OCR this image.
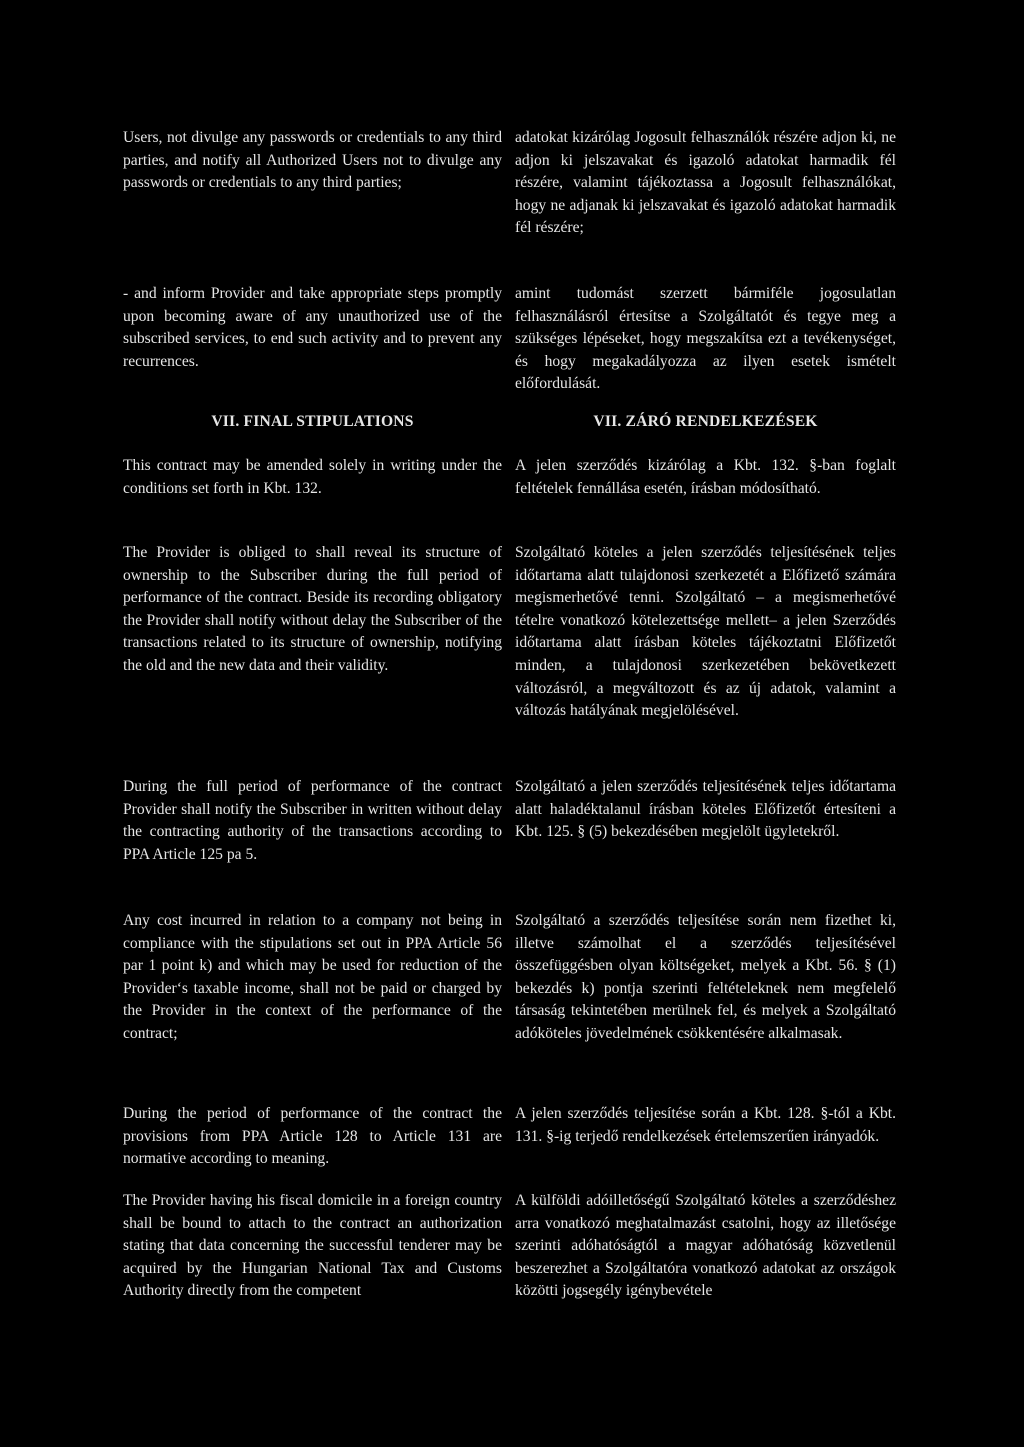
Users, not divulge any passwords or credentials to any third parties, and notify all Authorized Users not to divulge any passwords or credentials to any third parties;

- and inform Provider and take appropriate steps promptly upon becoming aware of any unauthorized use of the subscribed services, to end such activity and to prevent any recurrences.

VII. FINAL STIPULATIONS

This contract may be amended solely in writing under the conditions set forth in Kbt. 132.

The Provider is obliged to shall reveal its structure of ownership to the Subscriber during the full period of performance of the contract. Beside its recording obligatory the Provider shall notify without delay the Subscriber of the transactions related to its structure of ownership, notifying the old and the new data and their validity.

During the full period of performance of the contract Provider shall notify the Subscriber in written without delay the contracting authority of the transactions according to PPA Article 125 pa 5.

Any cost incurred in relation to a company not being in compliance with the stipulations set out in PPA Article 56 par 1 point k) and which may be used for reduction of the Provider‘s taxable income, shall not be paid or charged by the Provider in the context of the performance of the contract;

During the period of performance of the contract the provisions from PPA Article 128 to Article 131 are normative according to meaning.

The Provider having his fiscal domicile in a foreign country shall be bound to attach to the contract an authorization stating that data concerning the successful tenderer may be acquired by the Hungarian National Tax and Customs Authority directly from the competent

adatokat kizárólag Jogosult felhasználók részére adjon ki, ne adjon ki jelszavakat és igazoló adatokat harmadik fél részére, valamint tájékoztassa a Jogosult felhasználókat, hogy ne adjanak ki jelszavakat és igazoló adatokat harmadik fél részére;

amint tudomást szerzett bármiféle jogosulatlan felhasználásról értesítse a Szolgáltatót és tegye meg a szükséges lépéseket, hogy megszakítsa ezt a tevékenységet, és hogy megakadályozza az ilyen esetek ismételt előfordulását.

VII. ZÁRÓ RENDELKEZÉSEK

A jelen szerződés kizárólag a Kbt. 132. §-ban foglalt feltételek fennállása esetén, írásban módosítható.

Szolgáltató köteles a jelen szerződés teljesítésének teljes időtartama alatt tulajdonosi szerkezetét a Előfizető számára megismerhetővé tenni. Szolgáltató – a megismerhetővé tételre vonatkozó kötelezettsége mellett– a jelen Szerződés időtartama alatt írásban köteles tájékoztatni Előfizetőt minden, a tulajdonosi szerkezetében bekövetkezett változásról, a megváltozott és az új adatok, valamint a változás hatályának megjelölésével.

Szolgáltató a jelen szerződés teljesítésének teljes időtartama alatt haladéktalanul írásban köteles Előfizetőt értesíteni a Kbt. 125. § (5) bekezdésében megjelölt ügyletekről.

Szolgáltató a szerződés teljesítése során nem fizethet ki, illetve számolhat el a szerződés teljesítésével összefüggésben olyan költségeket, melyek a Kbt. 56. § (1) bekezdés k) pontja szerinti feltételeknek nem megfelelő társaság tekintetében merülnek fel, és melyek a Szolgáltató adóköteles jövedelmének csökkentésére alkalmasak.

A jelen szerződés teljesítése során a Kbt. 128. §-tól a Kbt. 131. §-ig terjedő rendelkezések értelemszerűen irányadók.

A külföldi adóilletőségű Szolgáltató köteles a szerződéshez arra vonatkozó meghatalmazást csatolni, hogy az illetősége szerinti adóhatóságtól a magyar adóhatóság közvetlenül beszerezhet a Szolgáltatóra vonatkozó adatokat az országok közötti jogsegély igénybevétele
